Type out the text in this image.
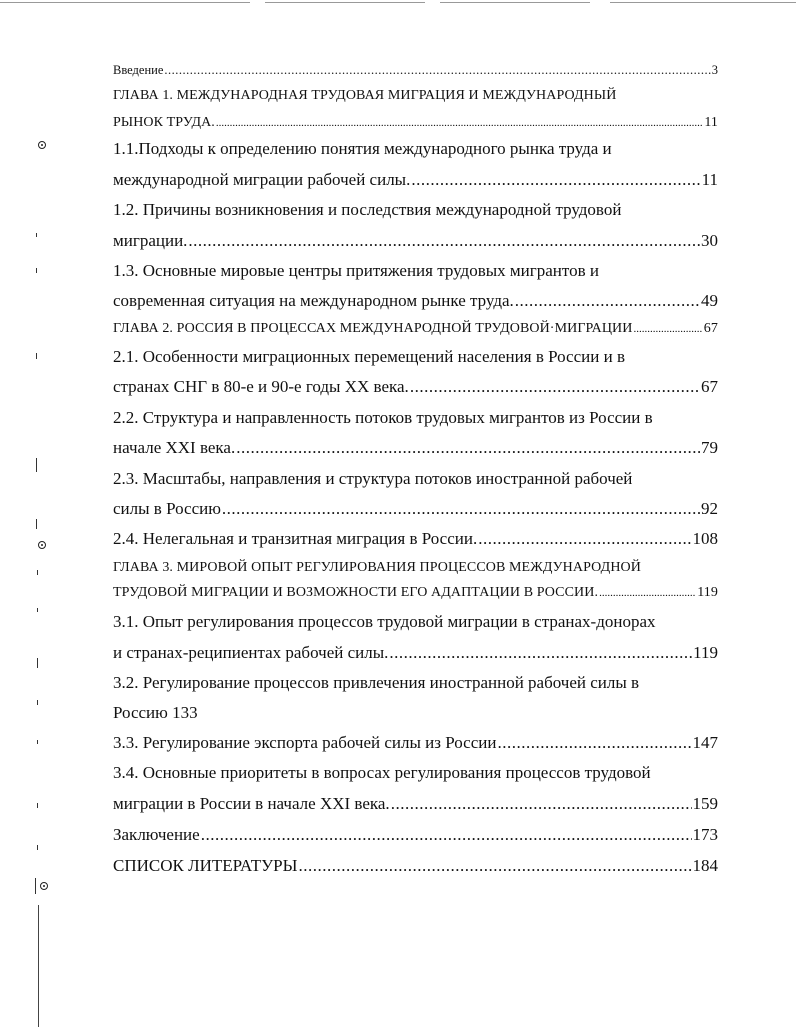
Введение .....	3
ГЛАВА 1. МЕЖДУНАРОДНАЯ ТРУДОВАЯ МИГРАЦИЯ И МЕЖДУНАРОДНЫЙ
РЫНОК ТРУДА. .....	11
1.1.Подходы к определению понятия международного рынка труда и
международной миграции рабочей силы. .....	11
1.2. Причины возникновения и последствия международной трудовой
миграции. .....	30
1.3. Основные мировые центры притяжения трудовых мигрантов и
современная ситуация на международном рынке труда. .....	49
ГЛАВА 2. РОССИЯ В ПРОЦЕССАХ МЕЖДУНАРОДНОЙ ТРУДОВОЙ·МИГРАЦИИ .....	67
2.1. Особенности миграционных перемещений населения в России и в
странах СНГ в 80-е и 90-е годы XX века. .....	67
2.2. Структура и направленность потоков трудовых мигрантов из России в
начале XXI века. .....	79
2.3. Масштабы, направления и структура потоков иностранной рабочей
силы в Россию .....	92
2.4. Нелегальная и транзитная миграция в России. .....	108
ГЛАВА 3. МИРОВОЙ ОПЫТ РЕГУЛИРОВАНИЯ ПРОЦЕССОВ МЕЖДУНАРОДНОЙ
ТРУДОВОЙ МИГРАЦИИ И ВОЗМОЖНОСТИ ЕГО АДАПТАЦИИ В РОССИИ. .....	119
3.1. Опыт регулирования процессов трудовой миграции в странах-донорах
и странах-реципиентах рабочей силы. .....	119
3.2. Регулирование процессов привлечения иностранной рабочей силы в
Россию 133
3.3. Регулирование экспорта рабочей силы из России .....	147
3.4. Основные приоритеты в вопросах регулирования процессов трудовой
миграции в России в начале XXI века. .....	159
Заключение .....	173
СПИСОК ЛИТЕРАТУРЫ .....	184
